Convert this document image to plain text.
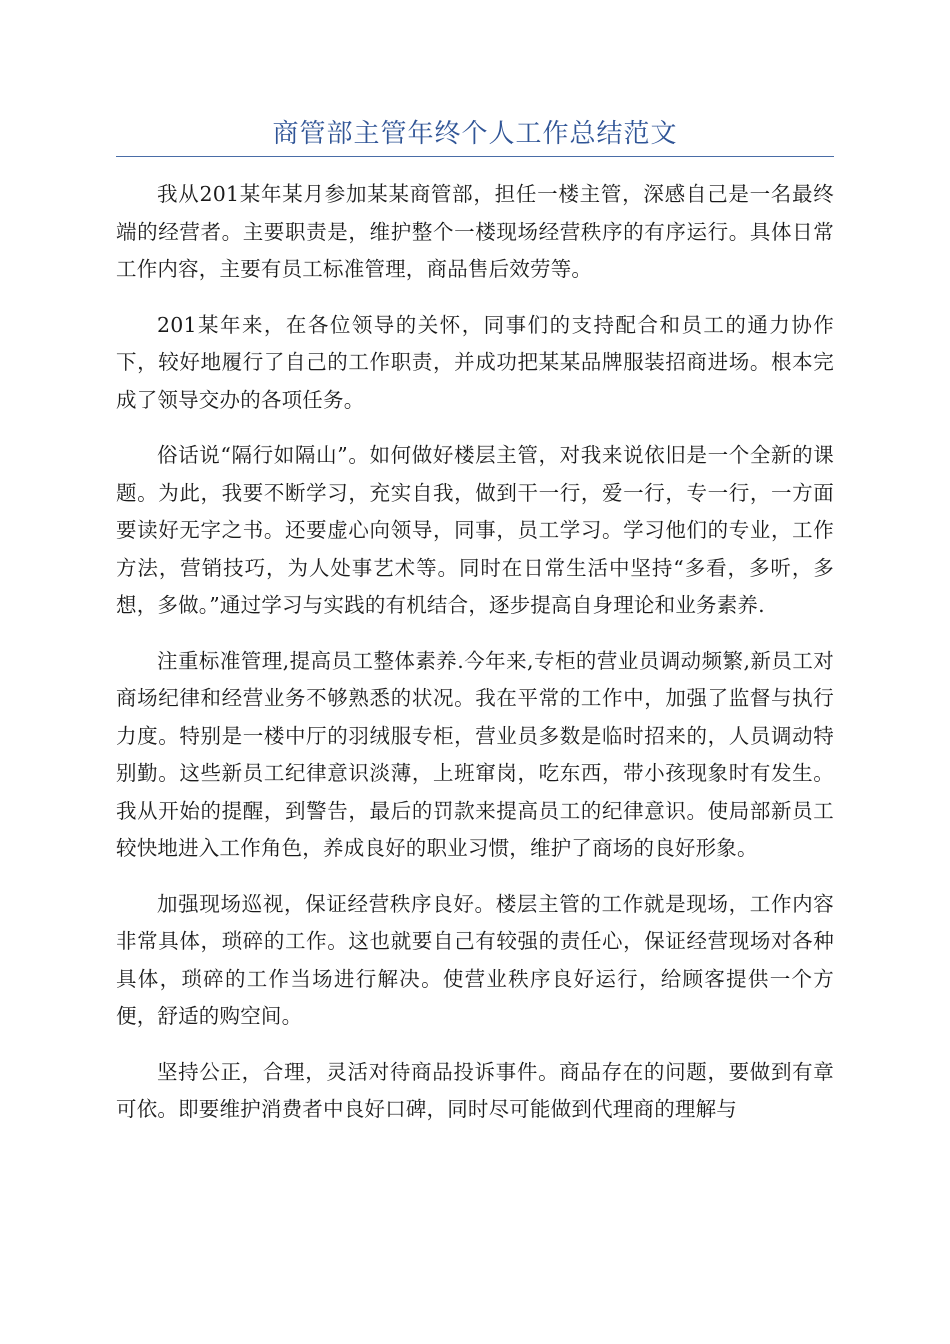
商管部主管年终个人工作总结范文

我从201某年某月参加某某商管部，担任一楼主管，深感自己是一名最终端的经营者。主要职责是，维护整个一楼现场经营秩序的有序运行。具体日常工作内容，主要有员工标准管理，商品售后效劳等。

201某年来，在各位领导的关怀，同事们的支持配合和员工的通力协作下，较好地履行了自己的工作职责，并成功把某某品牌服装招商进场。根本完成了领导交办的各项任务。

俗话说“隔行如隔山”。如何做好楼层主管，对我来说依旧是一个全新的课题。为此，我要不断学习，充实自我，做到干一行，爱一行，专一行，一方面要读好无字之书。还要虚心向领导，同事，员工学习。学习他们的专业，工作方法，营销技巧，为人处事艺术等。同时在日常生活中坚持“多看，多听，多想，多做。”通过学习与实践的有机结合，逐步提高自身理论和业务素养.

注重标准管理,提高员工整体素养.今年来,专柜的营业员调动频繁,新员工对商场纪律和经营业务不够熟悉的状况。我在平常的工作中，加强了监督与执行力度。特别是一楼中厅的羽绒服专柜，营业员多数是临时招来的，人员调动特别勤。这些新员工纪律意识淡薄，上班窜岗，吃东西，带小孩现象时有发生。我从开始的提醒，到警告，最后的罚款来提高员工的纪律意识。使局部新员工较快地进入工作角色，养成良好的职业习惯，维护了商场的良好形象。

加强现场巡视，保证经营秩序良好。楼层主管的工作就是现场，工作内容非常具体，琐碎的工作。这也就要自己有较强的责任心，保证经营现场对各种具体，琐碎的工作当场进行解决。使营业秩序良好运行，给顾客提供一个方便，舒适的购空间。

坚持公正，合理，灵活对待商品投诉事件。商品存在的问题，要做到有章可依。即要维护消费者中良好口碑，同时尽可能做到代理商的理解与
